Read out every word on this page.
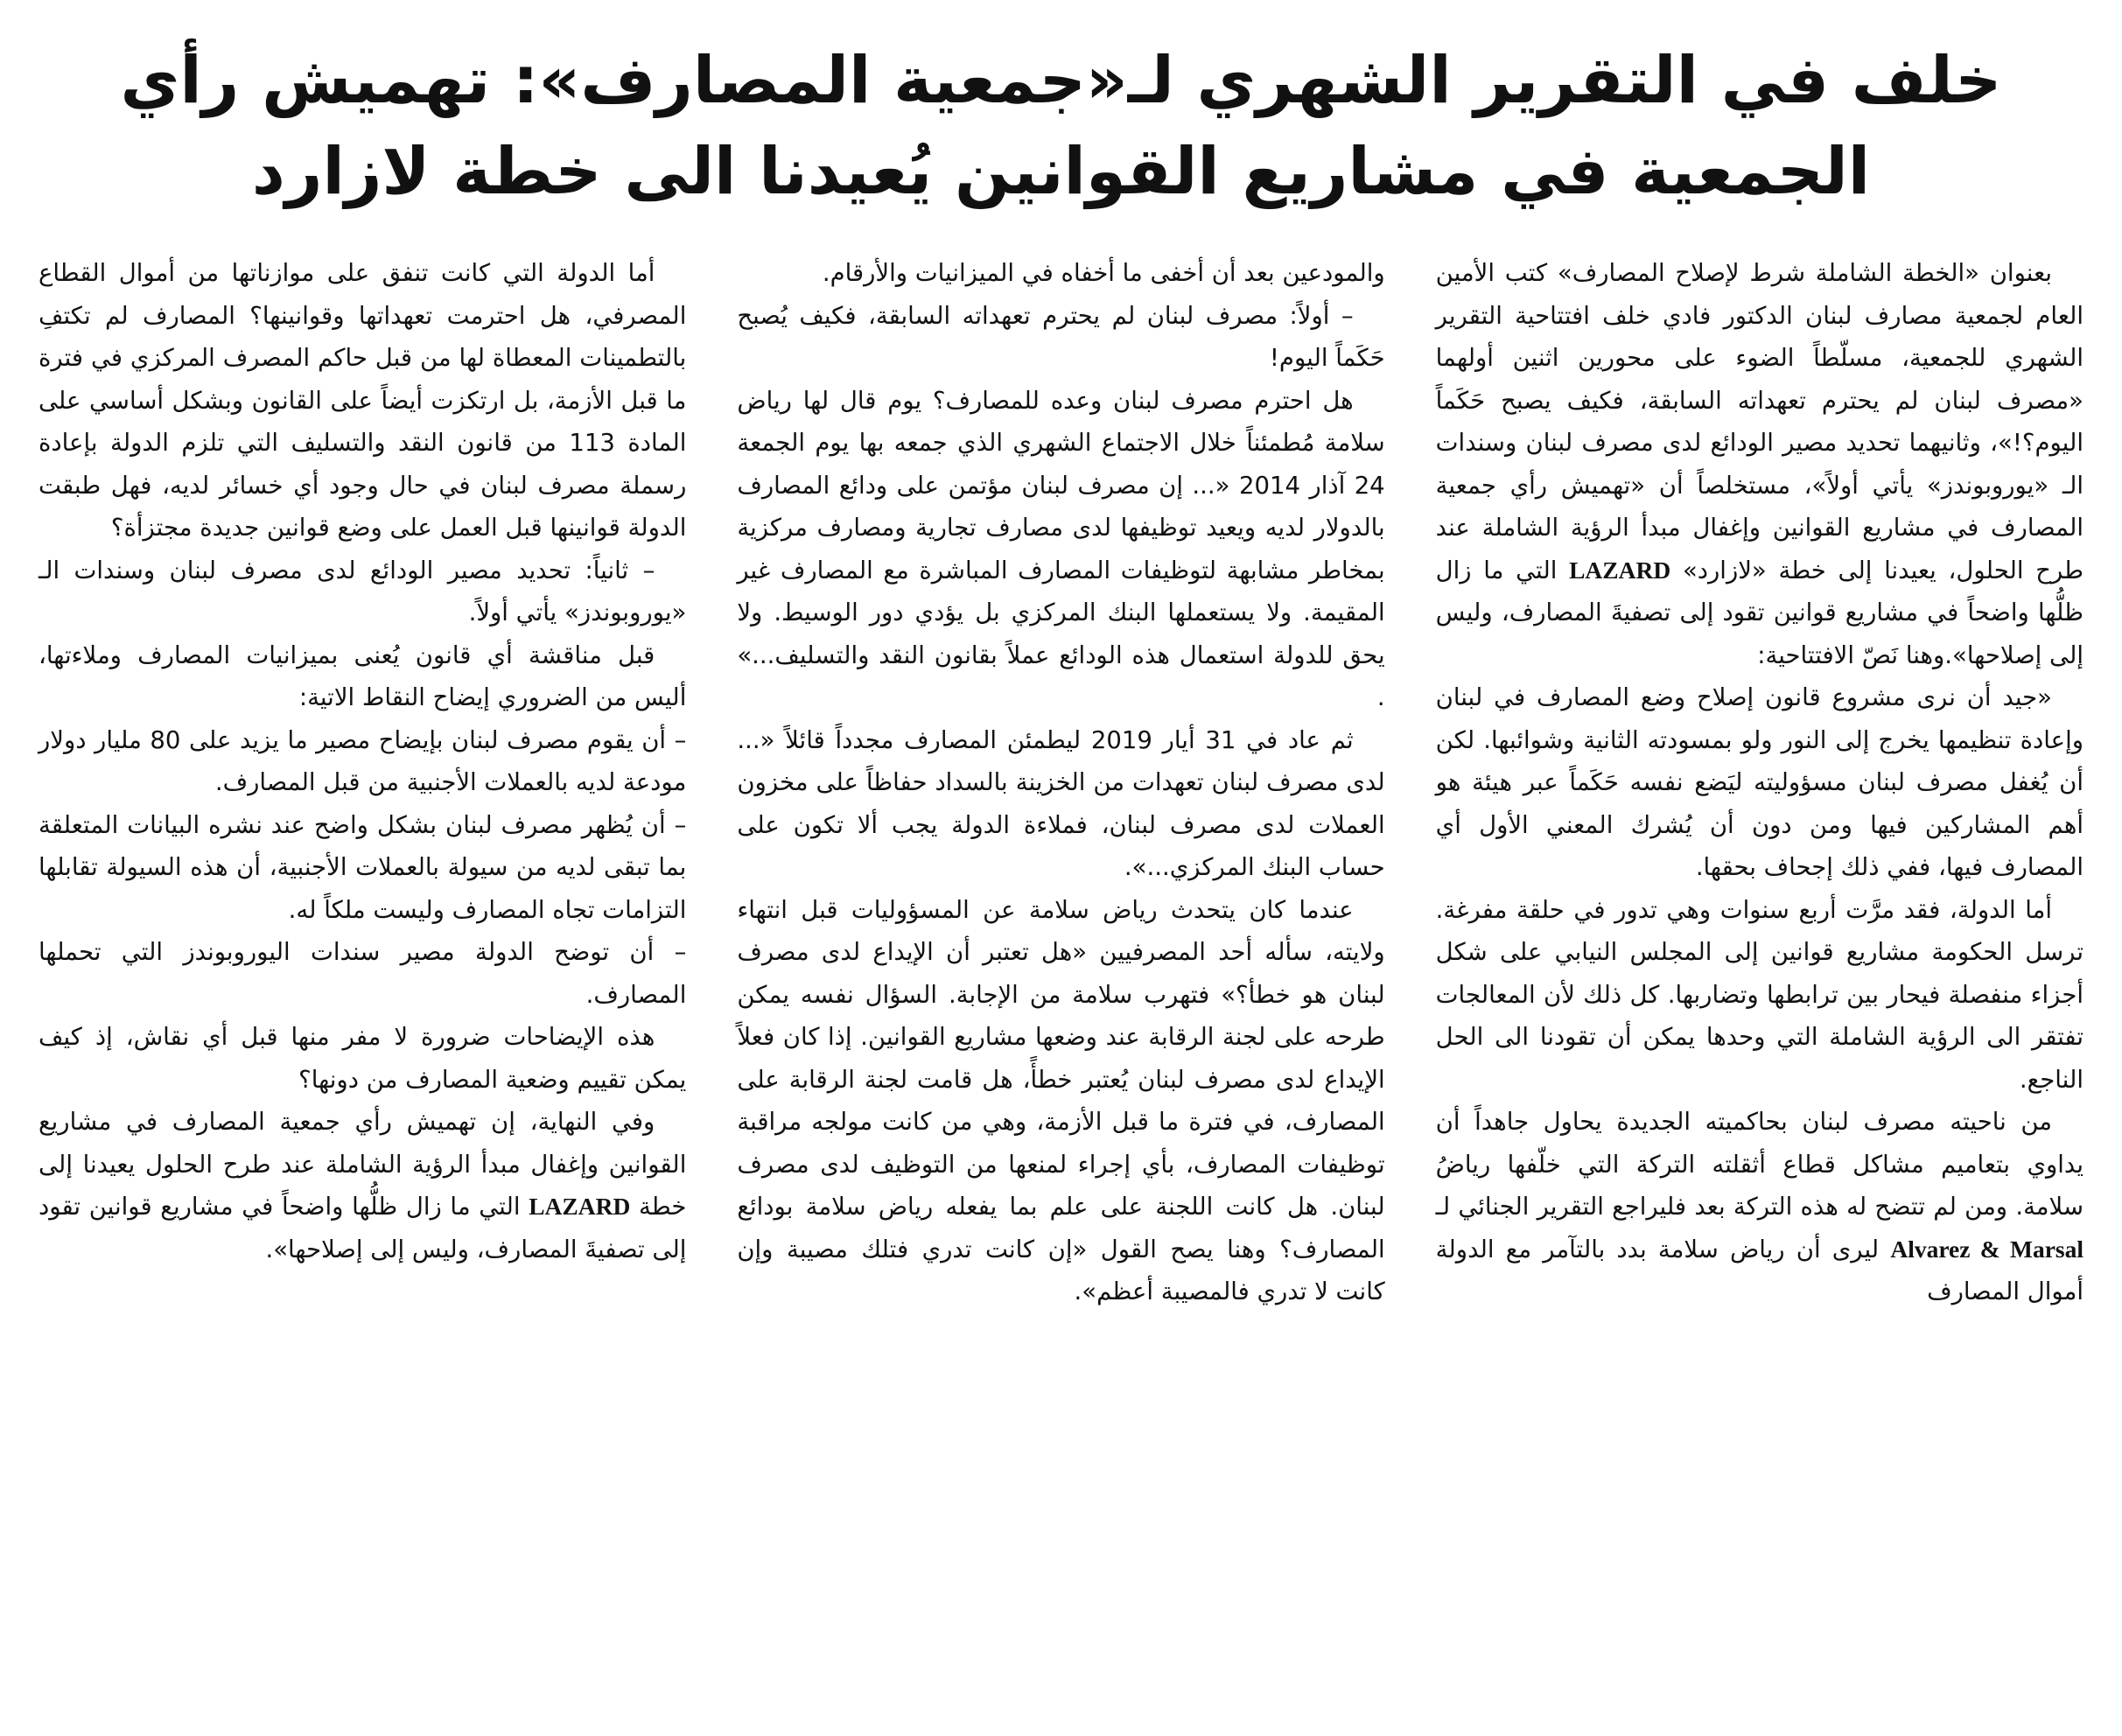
خلف في التقرير الشهري لـ«جمعية المصارف»: تهميش رأي
الجمعية في مشاريع القوانين يُعيدنا الى خطة لازارد

بعنوان «الخطة الشاملة شرط لإصلاح المصارف» كتب الأمين العام لجمعية مصارف لبنان الدكتور فادي خلف افتتاحية التقرير الشهري للجمعية، مسلّطاً الضوء على محورين اثنين أولهما «مصرف لبنان لم يحترم تعهداته السابقة، فكيف يصبح حَكَماً اليوم؟!»، وثانيهما تحديد مصير الودائع لدى مصرف لبنان وسندات الـ «يوروبوندز» يأتي أولاً»، مستخلصاً أن «تهميش رأي جمعية المصارف في مشاريع القوانين وإغفال مبدأ الرؤية الشاملة عند طرح الحلول، يعيدنا إلى خطة «لازارد» LAZARD التي ما زال ظلُّها واضحاً في مشاريع قوانين تقود إلى تصفيةَ المصارف، وليس إلى إصلاحها».وهنا نَصّ الافتتاحية:

«جيد أن نرى مشروع قانون إصلاح وضع المصارف في لبنان وإعادة تنظيمها يخرج إلى النور ولو بمسودته الثانية وشوائبها. لكن أن يُغفل مصرف لبنان مسؤوليته ليَضع نفسه حَكَماً عبر هيئة هو أهم المشاركين فيها ومن دون أن يُشرك المعني الأول أي المصارف فيها، ففي ذلك إجحاف بحقها.

أما الدولة، فقد مرَّت أربع سنوات وهي تدور في حلقة مفرغة. ترسل الحكومة مشاريع قوانين إلى المجلس النيابي على شكل أجزاء منفصلة فيحار بين ترابطها وتضاربها. كل ذلك لأن المعالجات تفتقر الى الرؤية الشاملة التي وحدها يمكن أن تقودنا الى الحل الناجع.

من ناحيته مصرف لبنان بحاكميته الجديدة يحاول جاهداً أن يداوي بتعاميم مشاكل قطاع أثقلته التركة التي خلّفها رياضُ سلامة. ومن لم تتضح له هذه التركة بعد فليراجع التقرير الجنائي لـ Alvarez & Marsal ليرى أن رياض سلامة بدد بالتآمر مع الدولة أموال المصارف

والمودعين بعد أن أخفى ما أخفاه في الميزانيات والأرقام.

– أولاً: مصرف لبنان لم يحترم تعهداته السابقة، فكيف يُصبح حَكَماً اليوم!

هل احترم مصرف لبنان وعده للمصارف؟ يوم قال لها رياض سلامة مُطمئناً خلال الاجتماع الشهري الذي جمعه بها يوم الجمعة 24 آذار 2014 «... إن مصرف لبنان مؤتمن على ودائع المصارف بالدولار لديه ويعيد توظيفها لدى مصارف تجارية ومصارف مركزية بمخاطر مشابهة لتوظيفات المصارف المباشرة مع المصارف غير المقيمة. ولا يستعملها البنك المركزي بل يؤدي دور الوسيط. ولا يحق للدولة استعمال هذه الودائع عملاً بقانون النقد والتسليف...» .

ثم عاد في 31 أيار 2019 ليطمئن المصارف مجدداً قائلاً «... لدى مصرف لبنان تعهدات من الخزينة بالسداد حفاظاً على مخزون العملات لدى مصرف لبنان، فملاءة الدولة يجب ألا تكون على حساب البنك المركزي...».

عندما كان يتحدث رياض سلامة عن المسؤوليات قبل انتهاء ولايته، سأله أحد المصرفيين «هل تعتبر أن الإيداع لدى مصرف لبنان هو خطأ؟» فتهرب سلامة من الإجابة. السؤال نفسه يمكن طرحه على لجنة الرقابة عند وضعها مشاريع القوانين. إذا كان فعلاً الإيداع لدى مصرف لبنان يُعتبر خطأً، هل قامت لجنة الرقابة على المصارف، في فترة ما قبل الأزمة، وهي من كانت مولجه مراقبة توظيفات المصارف، بأي إجراء لمنعها من التوظيف لدى مصرف لبنان. هل كانت اللجنة على علم بما يفعله رياض سلامة بودائع المصارف؟ وهنا يصح القول «إن كانت تدري فتلك مصيبة وإن كانت لا تدري فالمصيبة أعظم».

أما الدولة التي كانت تنفق على موازناتها من أموال القطاع المصرفي، هل احترمت تعهداتها وقوانينها؟ المصارف لم تكتفِ بالتطمينات المعطاة لها من قبل حاكم المصرف المركزي في فترة ما قبل الأزمة، بل ارتكزت أيضاً على القانون وبشكل أساسي على المادة 113 من قانون النقد والتسليف التي تلزم الدولة بإعادة رسملة مصرف لبنان في حال وجود أي خسائر لديه، فهل طبقت الدولة قوانينها قبل العمل على وضع قوانين جديدة مجتزأة؟

– ثانياً: تحديد مصير الودائع لدى مصرف لبنان وسندات الـ «يوروبوندز» يأتي أولاً.

قبل مناقشة أي قانون يُعنى بميزانيات المصارف وملاءتها، أليس من الضروري إيضاح النقاط الاتية:

– أن يقوم مصرف لبنان بإيضاح مصير ما يزيد على 80 مليار دولار مودعة لديه بالعملات الأجنبية من قبل المصارف.

– أن يُظهر مصرف لبنان بشكل واضح عند نشره البيانات المتعلقة بما تبقى لديه من سيولة بالعملات الأجنبية، أن هذه السيولة تقابلها التزامات تجاه المصارف وليست ملكاً له.

– أن توضح الدولة مصير سندات اليوروبوندز التي تحملها المصارف.

هذه الإيضاحات ضرورة لا مفر منها قبل أي نقاش، إذ كيف يمكن تقييم وضعية المصارف من دونها؟

وفي النهاية، إن تهميش رأي جمعية المصارف في مشاريع القوانين وإغفال مبدأ الرؤية الشاملة عند طرح الحلول يعيدنا إلى خطة LAZARD التي ما زال ظلُّها واضحاً في مشاريع قوانين تقود إلى تصفيةَ المصارف، وليس إلى إصلاحها».
